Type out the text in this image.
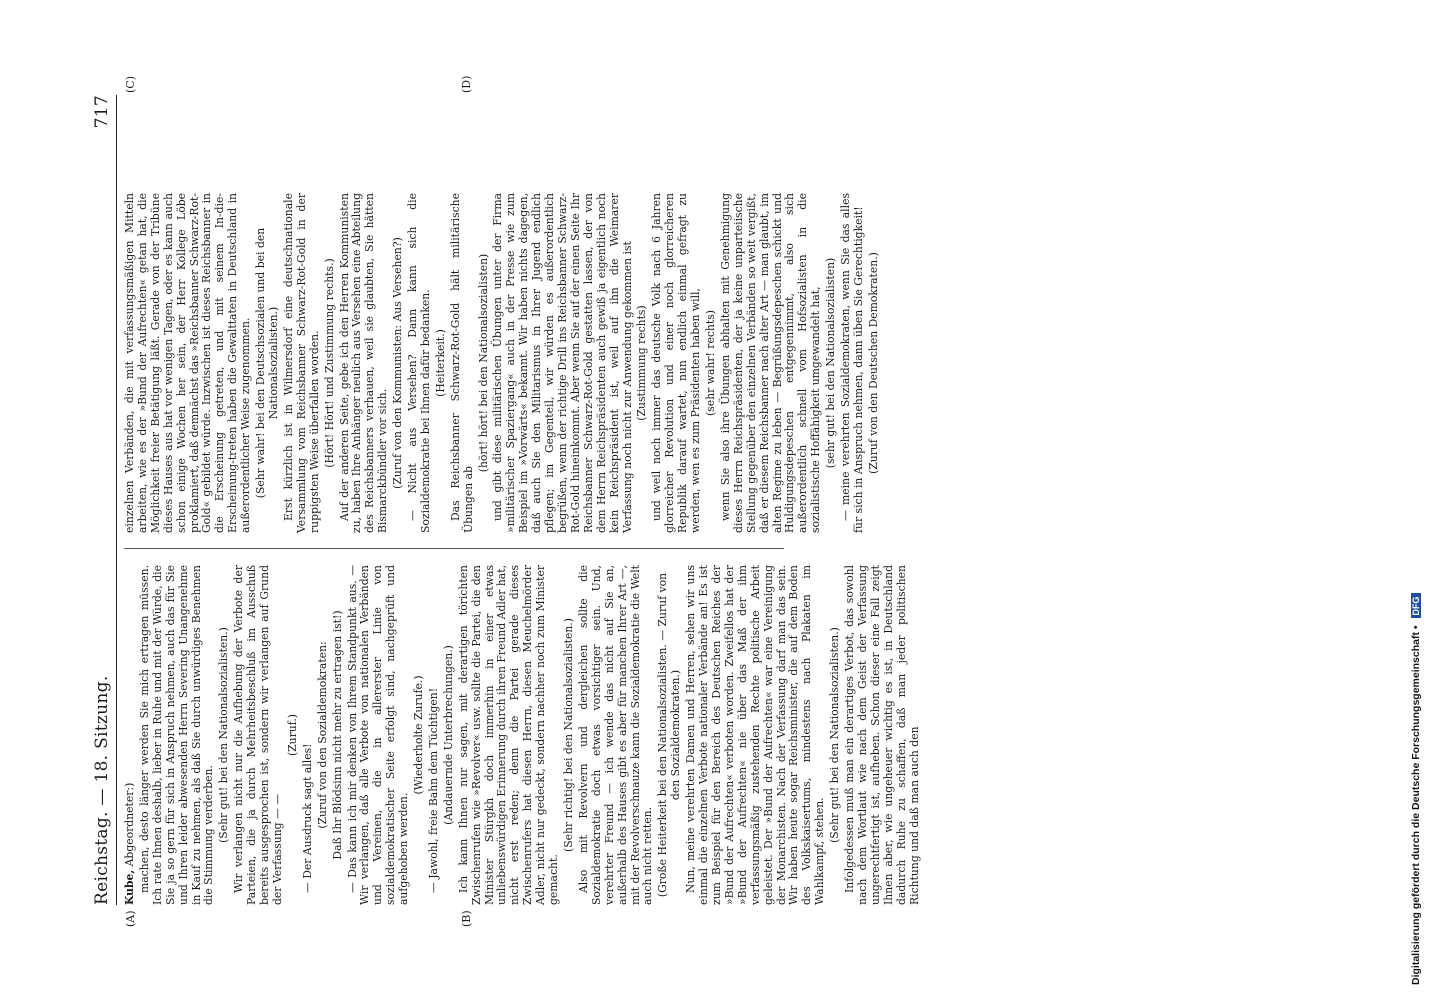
Reichstag. — 18. Sitzung.
717

Kube, Abgeordneter:) machen, desto länger werden Sie mich ertragen müssen. Ich rate Ihnen deshalb, lieber in Ruhe und mit der Würde, die Sie ja so gern für sich in Anspruch nehmen, auch das für Sie und Ihren leider abwesenden Herrn Severing Unangenehme in Kauf zu nehmen, als daß Sie durch unwürdiges Benehmen die Stimmung verderben. (Sehr gut! bei den Nationalsozialisten.) Wir verlangen nicht nur die Aufhebung der Verbote der Parteien, die ja durch Mehrheitsbeschluß im Ausschuß bereits ausgesprochen ist, sondern wir verlangen auf Grund der Verfassung — —

(Zuruf.)

— Der Ausdruck sagt alles! (Zuruf von den Sozialdemokraten: Daß Ihr Blödsinn nicht mehr zu ertragen ist!) — Das kann ich mir denken von Ihrem Standpunkt aus. — Wir verlangen, daß alle Verbote von nationalen Verbänden und Vereinen, die in allererster Linie von sozialdemokratischer Seite erfolgt sind, nachgeprüft und aufgehoben werden.

(Wiederholte Zurufe.) — Jawohl, freie Bahn dem Tüchtigen! (Andauernde Unterbrechungen.) Ich kann Ihnen nur sagen, mit derartigen törichten Zwischenrufen wie »Revolver« usw. sollte die Partei, die den Minister Stürgkh doch immerhin in einer etwas unliebenswürdigen Erinnerung durch ihren Freund Adler hat, nicht erst reden; denn die Partei gerade dieses Zwischenrufers hat diesen Herrn, diesen Meuchelmörder Adler, nicht nur gedeckt, sondern nachher noch zum Minister gemacht.

(Sehr richtig! bei den Nationalsozialisten.) Also mit Revolvern und dergleichen sollte die Sozialdemokratie doch etwas vorsichtiger sein. Und, verehrter Freund — ich wende das nicht auf Sie an, außerhalb des Hauses gibt es aber für manchen Ihrer Art —, mit der Revolverschnauze kann die Sozialdemokratie die Welt auch nicht retten. (Große Heiterkeit bei den Nationalsozialisten. — Zuruf von den Sozialdemokraten.) Nun, meine verehrten Damen und Herren, sehen wir uns einmal die einzelnen Verbote nationaler Verbände an! Es ist zum Beispiel für den Bereich des Deutschen Reiches der »Bund der Aufrechten« verboten worden. Zweifellos hat der »Bund der Aufrechten« nie über das Maß der ihm verfassungsmäßig zustehenden Rechte politische Arbeit geleistet. Der »Bund der Aufrechten« war eine Vereinigung der Monarchisten. Nach der Verfassung darf man das sein. Wir haben heute sogar Reichsminister, die auf dem Boden des Volkskaisertums, mindestens nach Plakaten im Wahlkampf, stehen.

(Sehr gut! bei den Nationalsozialisten.) Infolgedessen muß man ein derartiges Verbot, das sowohl nach dem Wortlaut wie nach dem Geist der Verfassung ungerechtfertigt ist, aufheben. Schon dieser eine Fall zeigt Ihnen aber, wie ungeheuer wichtig es ist, in Deutschland dadurch Ruhe zu schaffen, daß man jeder politischen Richtung und daß man auch den

einzelnen Verbänden, die mit verfassungsmäßigen Mitteln arbeiten, wie es der »Bund der Aufrechten« getan hat, die Möglichkeit freier Betätigung läßt. Gerade von der Tribüne dieses Hauses aus hat vor wenigen Tagen, oder es kann auch schon einige Wochen her sein, der Herr Kollege Löbe proklamiert, daß demnächst das »Reichsbanner Schwarz-Rot-Gold« gebildet würde. Inzwischen ist dieses Reichsbanner in die Erscheinung getreten, und mit seinem In-die-Erscheinung-treten haben die Gewalttaten in Deutschland in außerordentlicher Weise zugenommen. (Sehr wahr! bei den Deutschsozialen und bei den Nationalsozialisten.) Erst kürzlich ist in Wilmersdorf eine deutschnationale Versammlung vom Reichsbanner Schwarz-Rot-Gold in der ruppigsten Weise überfallen worden. (Hört! Hört! und Zustimmung rechts.) Auf der anderen Seite, gebe ich den Herren Kommunisten zu, haben Ihre Anhänger neulich aus Versehen eine Abteilung des Reichsbanners verhauen, weil sie glaubten, Sie hätten Bismarckbündler vor sich. (Zuruf von den Kommunisten: Aus Versehen?) — Nicht aus Versehen? Dann kann sich die Sozialdemokratie bei Ihnen dafür bedanken. (Heiterkeit.) Das Reichsbanner Schwarz-Rot-Gold hält militärische Übungen ab

(hört! hört! bei den Nationalsozialisten) und gibt diese militärischen Übungen unter der Firma »militärischer Spaziergang« auch in der Presse wie zum Beispiel im »Vorwärts« bekannt. Wir haben nichts dagegen, daß auch Sie den Militarismus in Ihrer Jugend endlich pflegen; im Gegenteil, wir würden es außerordentlich begrüßen, wenn der richtige Drill ins Reichsbanner Schwarz-Rot-Gold hineinkommt. Aber wenn Sie auf der einen Seite Ihr Reichsbanner Schwarz-Rot-Gold gestatten lassen, der von dem Herrn Reichspräsidenten auch gewiß ja eigentlich noch kein Reichspräsident ist, weil auf ihn die Weimarer Verfassung noch nicht zur Anwendung gekommen ist (Zustimmung rechts) und weil noch immer das deutsche Volk nach 6 Jahren glorreicher Revolution und einer noch glorreicheren Republik darauf wartet, nun endlich einmal gefragt zu werden, wen es zum Präsidenten haben will, (sehr wahr! rechts) wenn Sie also ihre Übungen abhalten mit Genehmigung dieses Herrn Reichspräsidenten, der ja keine unparteiische Stellung gegenüber den einzelnen Verbänden so weit vergißt, daß er diesem Reichsbanner nach alter Art — man glaubt, im alten Regime zu leben — Begrüßungsdepeschen schickt und Huldigungsdepeschen entgegennimmt, also sich außerordentlich schnell vom Hofsozialisten in die sozialistische Hoffähigkeit umgewandelt hat, (sehr gut! bei den Nationalsozialisten) — meine verehrten Sozialdemokraten, wenn Sie das alles für sich in Anspruch nehmen, dann üben Sie Gerechtigkeit! (Zuruf von den Deutschen Demokraten.)

(A)	(B)
(C)	(D)
Digitalisierung gefördert durch die Deutsche Forschungsgemeinschaft • DFG
